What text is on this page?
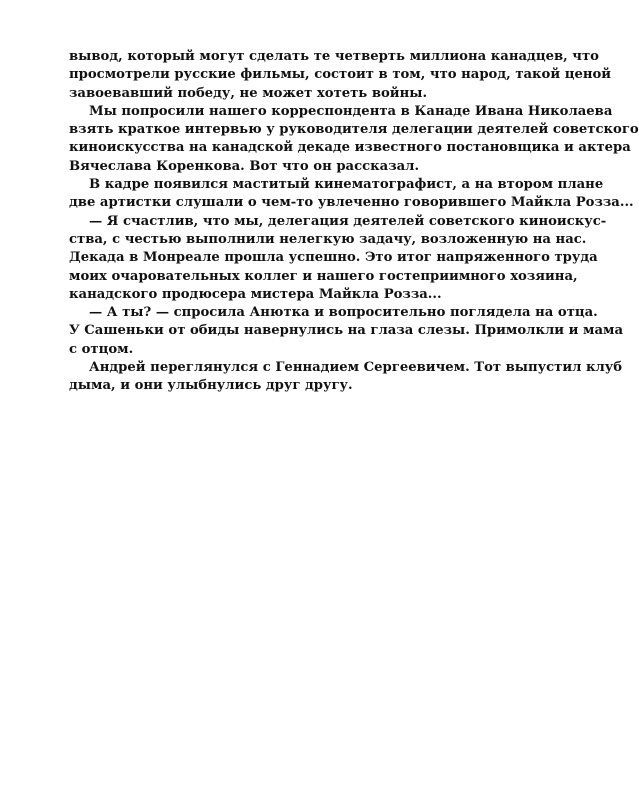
вывод, который могут сделать те четверть миллиона канадцев, что
просмотрели русские фильмы, состоит в том, что народ, такой ценой
завоевавший победу, не может хотеть войны.
Мы попросили нашего корреспондента в Канаде Ивана Николаева
взять краткое интервью у руководителя делегации деятелей советского
киноискусства на канадской декаде известного постановщика и актера
Вячеслава Коренкова. Вот что он рассказал.
В кадре появился маститый кинематографист, а на втором плане
две артистки слушали о чем-то увлеченно говорившего Майкла Розза...
— Я счастлив, что мы, делегация деятелей советского киноискус-
ства, с честью выполнили нелегкую задачу, возложенную на нас.
Декада в Монреале прошла успешно. Это итог напряженного труда
моих очаровательных коллег и нашего гостеприимного хозяина,
канадского продюсера мистера Майкла Розза...
— А ты? — спросила Анютка и вопросительно поглядела на отца.
У Сашеньки от обиды навернулись на глаза слезы. Примолкли и мама
с отцом.
Андрей переглянулся с Геннадием Сергеевичем. Тот выпустил клуб
дыма, и они улыбнулись друг другу.
